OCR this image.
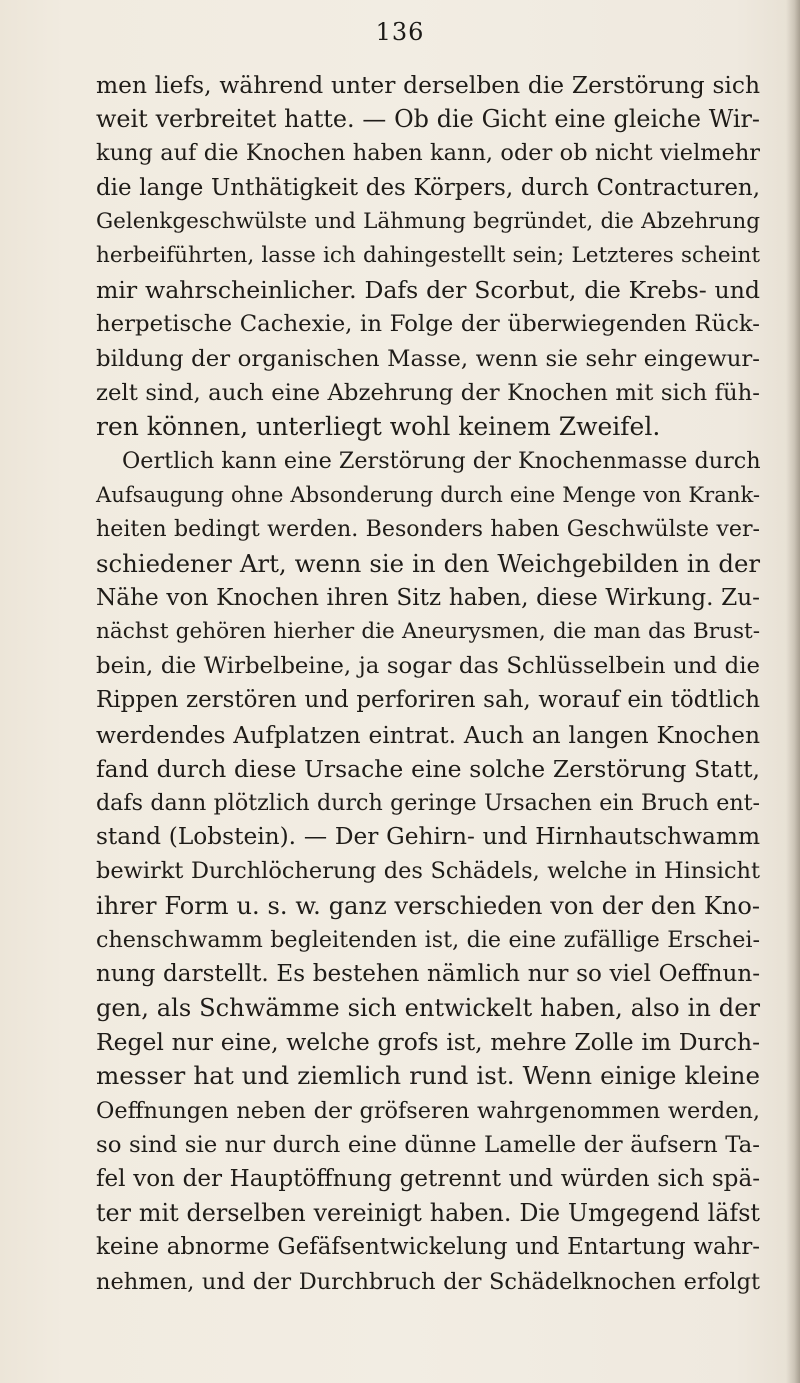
136
men liefs, während unter derselben die Zerstörung sich
weit verbreitet hatte. — Ob die Gicht eine gleiche Wir-
kung auf die Knochen haben kann, oder ob nicht vielmehr
die lange Unthätigkeit des Körpers, durch Contracturen,
Gelenkgeschwülste und Lähmung begründet, die Abzehrung
herbeiführten, lasse ich dahingestellt sein; Letzteres scheint
mir wahrscheinlicher. Dafs der Scorbut, die Krebs- und
herpetische Cachexie, in Folge der überwiegenden Rück-
bildung der organischen Masse, wenn sie sehr eingewur-
zelt sind, auch eine Abzehrung der Knochen mit sich füh-
ren können, unterliegt wohl keinem Zweifel.
Oertlich kann eine Zerstörung der Knochenmasse durch
Aufsaugung ohne Absonderung durch eine Menge von Krank-
heiten bedingt werden. Besonders haben Geschwülste ver-
schiedener Art, wenn sie in den Weichgebilden in der
Nähe von Knochen ihren Sitz haben, diese Wirkung. Zu-
nächst gehören hierher die Aneurysmen, die man das Brust-
bein, die Wirbelbeine, ja sogar das Schlüsselbein und die
Rippen zerstören und perforiren sah, worauf ein tödtlich
werdendes Aufplatzen eintrat. Auch an langen Knochen
fand durch diese Ursache eine solche Zerstörung Statt,
dafs dann plötzlich durch geringe Ursachen ein Bruch ent-
stand (Lobstein). — Der Gehirn- und Hirnhautschwamm
bewirkt Durchlöcherung des Schädels, welche in Hinsicht
ihrer Form u. s. w. ganz verschieden von der den Kno-
chenschwamm begleitenden ist, die eine zufällige Erschei-
nung darstellt. Es bestehen nämlich nur so viel Oeffnun-
gen, als Schwämme sich entwickelt haben, also in der
Regel nur eine, welche grofs ist, mehre Zolle im Durch-
messer hat und ziemlich rund ist. Wenn einige kleine
Oeffnungen neben der gröfseren wahrgenommen werden,
so sind sie nur durch eine dünne Lamelle der äufsern Ta-
fel von der Hauptöffnung getrennt und würden sich spä-
ter mit derselben vereinigt haben. Die Umgegend läfst
keine abnorme Gefäfsentwickelung und Entartung wahr-
nehmen, und der Durchbruch der Schädelknochen erfolgt
